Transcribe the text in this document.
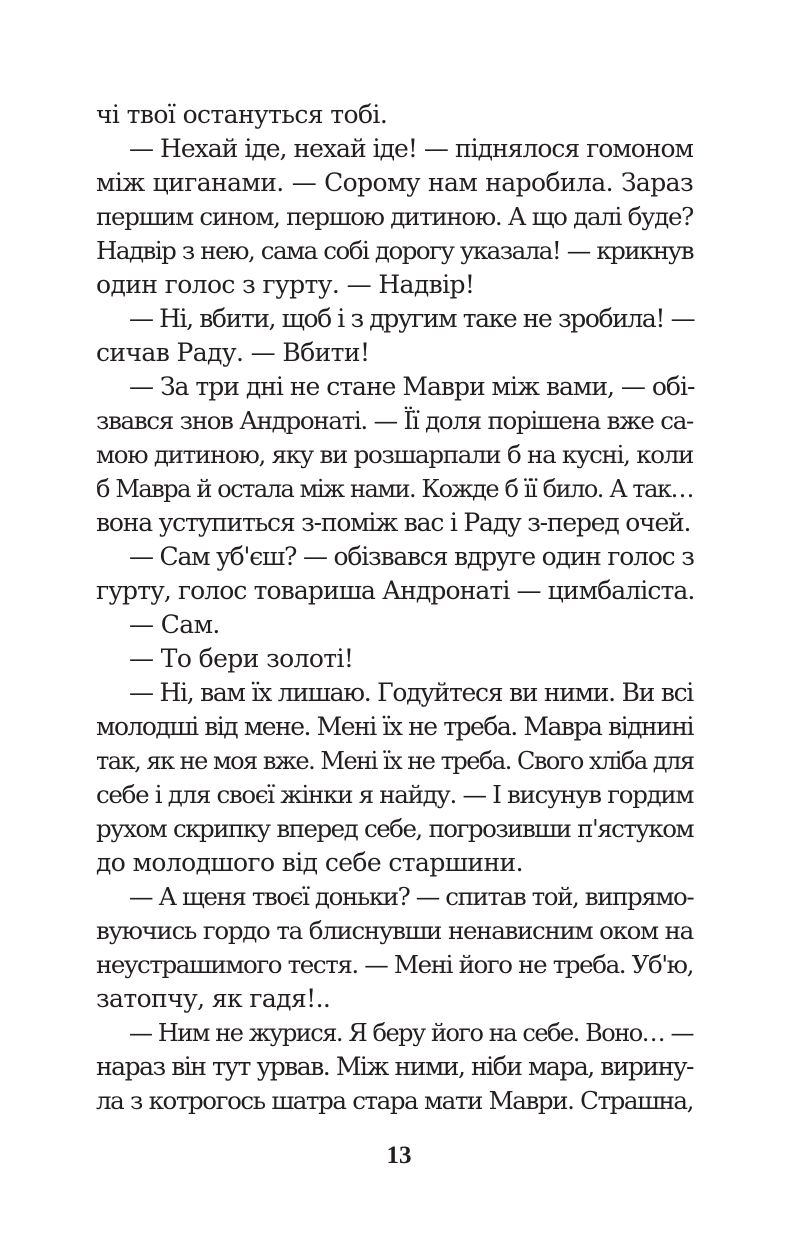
чі твої остануться тобі.
— Нехай іде, нехай іде! — піднялося гомоном
між циганами. — Сорому нам наробила. Зараз
першим сином, першою дитиною. А що далі буде?
Надвір з нею, сама собі дорогу указала! — крикнув
один голос з гурту. — Надвір!
— Ні, вбити, щоб і з другим таке не зробила! —
сичав Раду. — Вбити!
— За три дні не стане Маври між вами, — обі-
звався знов Андронаті. — Її доля порішена вже са-
мою дитиною, яку ви розшарпали б на кусні, коли
б Мавра й остала між нами. Кожде б її било. А так…
вона уступиться з-поміж вас і Раду з-перед очей.
— Сам уб'єш? — обізвався вдруге один голос з
гурту, голос товариша Андронаті — цимбаліста.
— Сам.
— То бери золоті!
— Ні, вам їх лишаю. Годуйтеся ви ними. Ви всі
молодші від мене. Мені їх не треба. Мавра віднині
так, як не моя вже. Мені їх не треба. Свого хліба для
себе і для своєї жінки я найду. — І висунув гордим
рухом скрипку вперед себе, погрозивши п'ястуком
до молодшого від себе старшини.
— А щеня твоєї доньки? — спитав той, випрямо-
вуючись гордо та блиснувши ненависним оком на
неустрашимого тестя. — Мені його не треба. Уб'ю,
затопчу, як гадя!..
— Ним не журися. Я беру його на себе. Воно… —
нараз він тут урвав. Між ними, ніби мара, вирину-
ла з котрогось шатра стара мати Маври. Страшна,
13
